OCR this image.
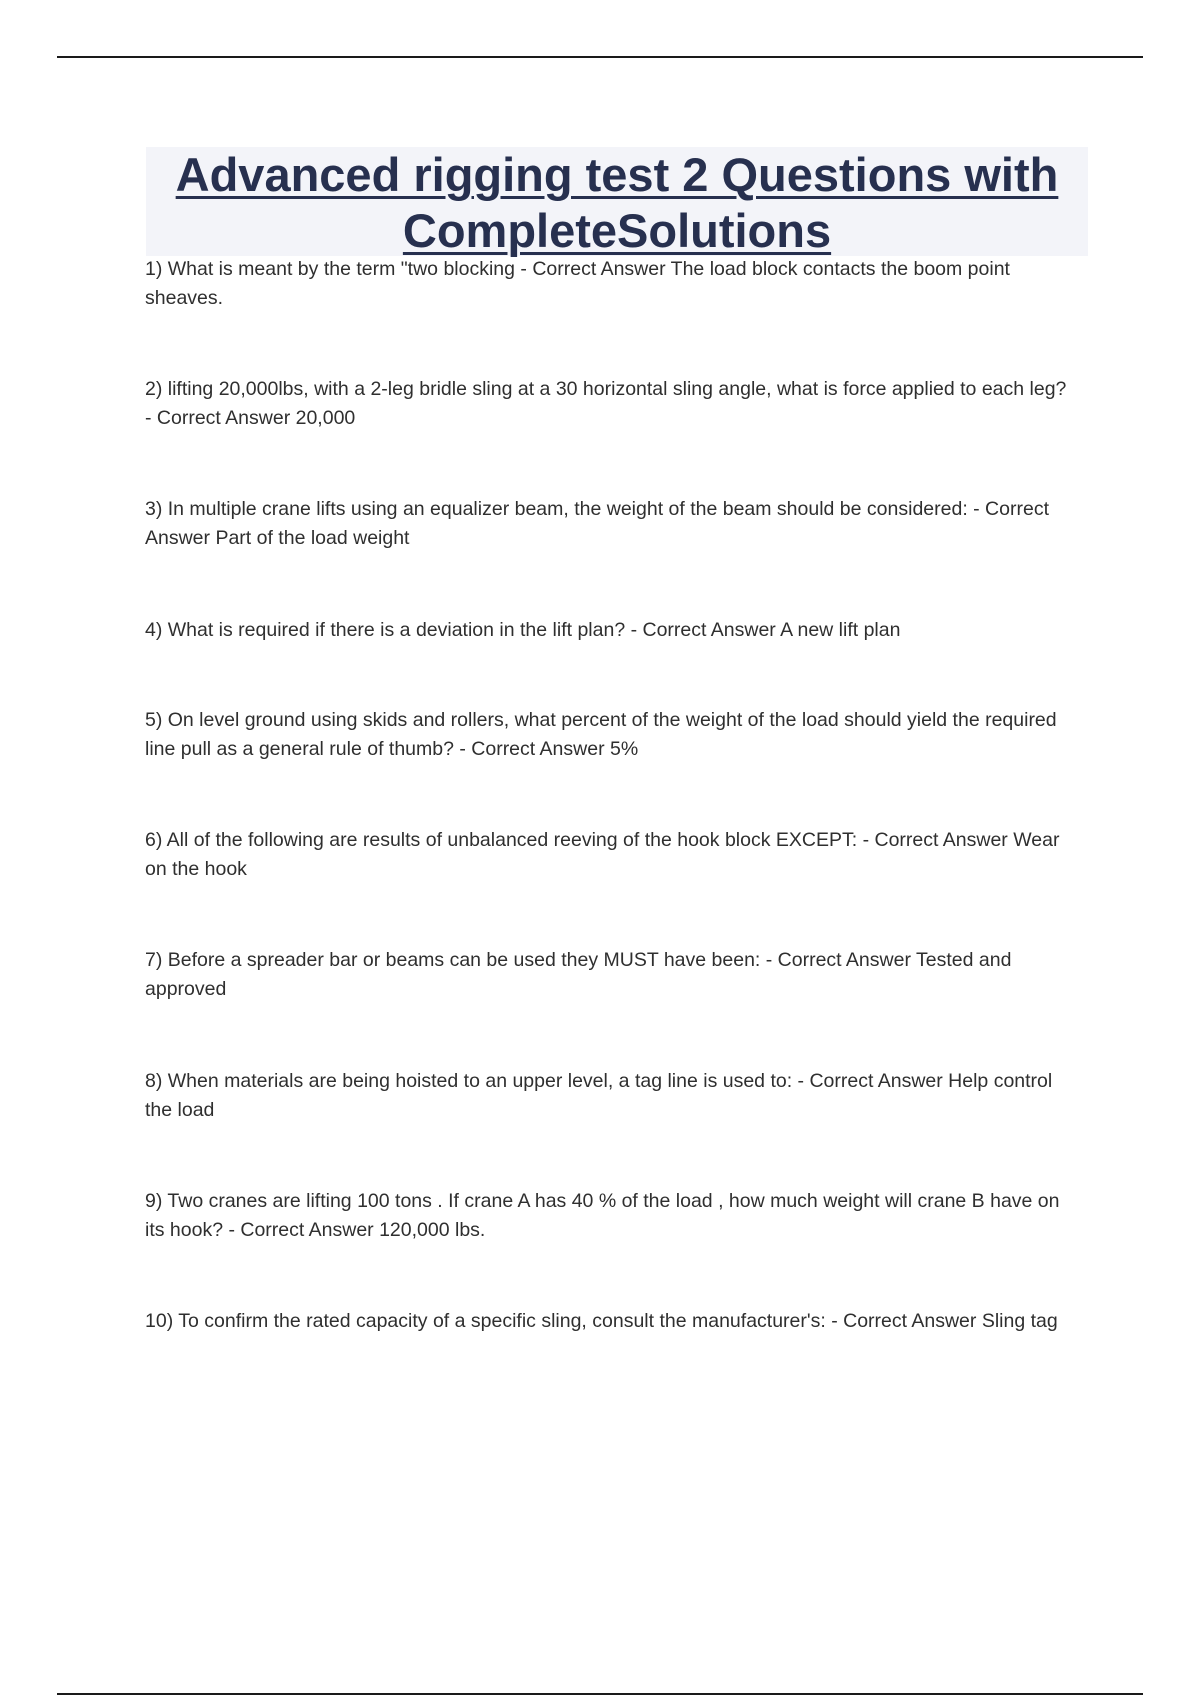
Advanced rigging test 2 Questions with CompleteSolutions

1) What is meant by the term "two blocking - Correct Answer The load block contacts the boom point sheaves.

2) lifting 20,000lbs, with a 2-leg bridle sling at a 30 horizontal sling angle, what is force applied to each leg? - Correct Answer 20,000

3) In multiple crane lifts using an equalizer beam, the weight of the beam should be considered: - Correct Answer Part of the load weight

4) What is required if there is a deviation in the lift plan? - Correct Answer A new lift plan

5) On level ground using skids and rollers, what percent of the weight of the load should yield the required line pull as a general rule of thumb? - Correct Answer 5%

6) All of the following are results of unbalanced reeving of the hook block EXCEPT: - Correct Answer Wear on the hook

7) Before a spreader bar or beams can be used they MUST have been: - Correct Answer Tested and approved

8) When materials are being hoisted to an upper level, a tag line is used to: - Correct Answer Help control the load

9) Two cranes are lifting 100 tons . If crane A has 40 % of the load , how much weight will crane B have on its hook? - Correct Answer 120,000 lbs.

10) To confirm the rated capacity of a specific sling, consult the manufacturer's: - Correct Answer Sling tag
